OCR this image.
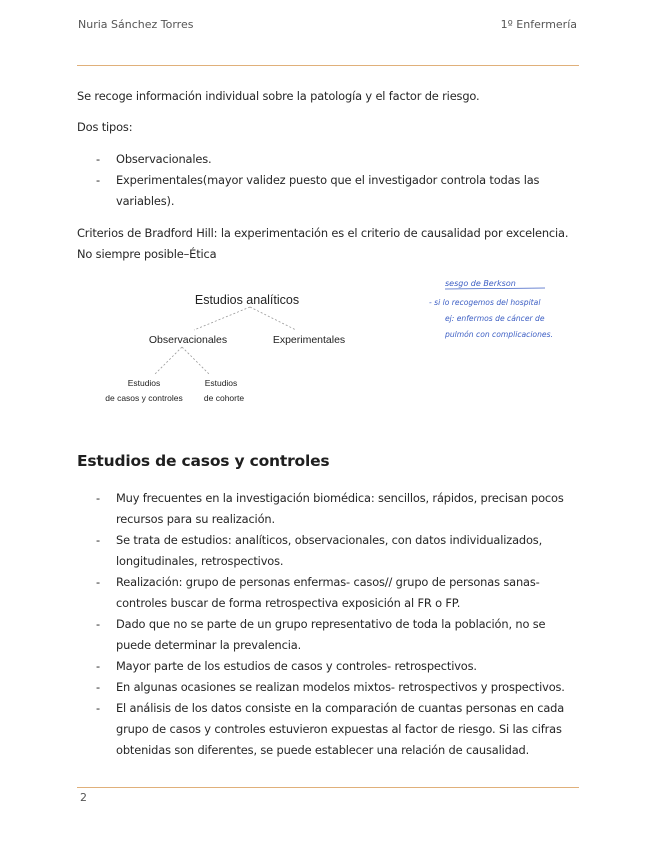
Nuria Sánchez Torres	1º Enfermería

Se recoge información individual sobre la patología y el factor de riesgo.

Dos tipos:

- Observacionales.
- Experimentales(mayor validez puesto que el investigador controla todas las variables).

Criterios de Bradford Hill: la experimentación es el criterio de causalidad por excelencia. No siempre posible–Ética

Estudios analíticos
Observacionales	Experimentales
Estudios
de casos y controles
Estudios
de cohorte
sesgo de Berkson
- si lo recogemos del hospital
ej: enfermos de cáncer de
pulmón con complicaciones.
Estudios de casos y controles
- Muy frecuentes en la investigación biomédica: sencillos, rápidos, precisan pocos recursos para su realización.
- Se trata de estudios: analíticos, observacionales, con datos individualizados, longitudinales, retrospectivos.
- Realización: grupo de personas enfermas- casos// grupo de personas sanas-controles buscar de forma retrospectiva exposición al FR o FP.
- Dado que no se parte de un grupo representativo de toda la población, no se puede determinar la prevalencia.
- Mayor parte de los estudios de casos y controles- retrospectivos.
- En algunas ocasiones se realizan modelos mixtos- retrospectivos y prospectivos.
- El análisis de los datos consiste en la comparación de cuantas personas en cada grupo de casos y controles estuvieron expuestas al factor de riesgo. Si las cifras obtenidas son diferentes, se puede establecer una relación de causalidad.
2
